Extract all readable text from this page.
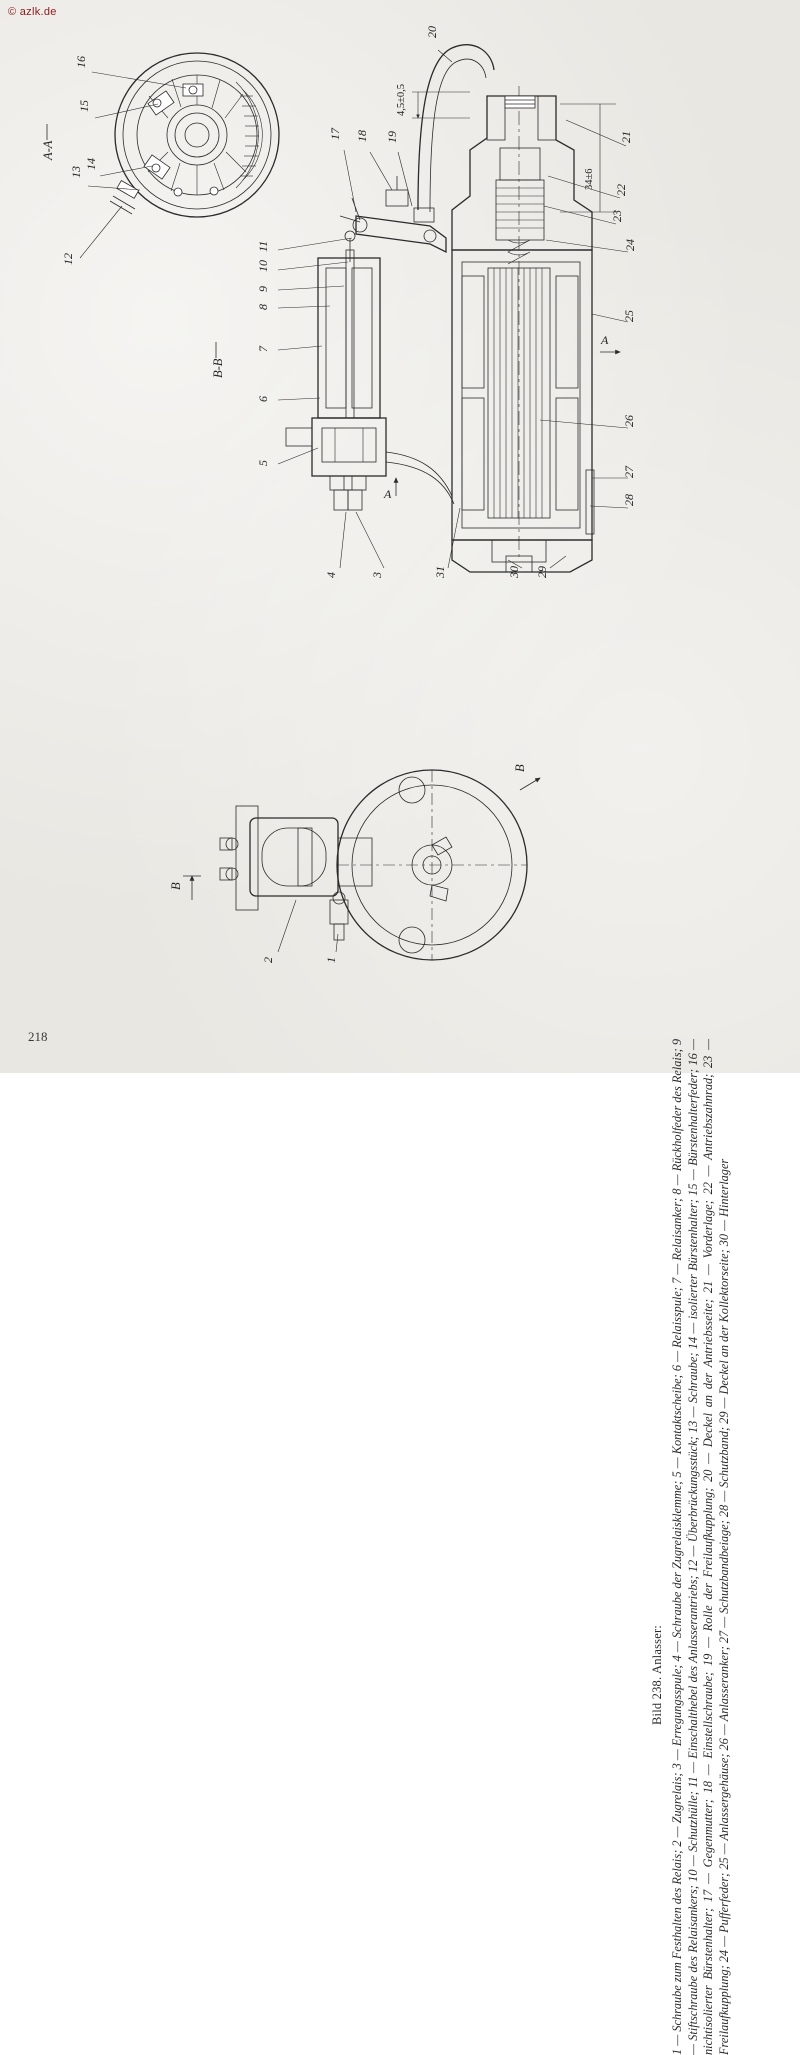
© azlk.de
A-A
B-B
A
A
4,5±0,5
34±6
B
B
1
2
3
4
5
6
7
8
9
10
11
12
13
14
15
16
17 18 19
20
21
22
23
24
25
26
27
28
29
30
31

Bild 238. Anlasser: 1 — Schraube zum Festhalten des Relais; 2 — Zugrelais; 3 — Erregungsspule; 4 — Schraube der Zugrelaisklemme; 5 — Kontaktscheibe; 6 — Relaisspule; 7 — Relaisanker; 8 — Rückholfeder des Relais; 9 — Stiftschraube des Relaisankers; 10 — Schutzhülle; 11 — Einschalthebel des Anlasserantriebs; 12 — Überbrückungsstück; 13 — Schraube; 14 — isolierter Bürstenhalter; 15 — Bürstenhalterfeder; 16 — nichtisolierter Bürstenhalter; 17 — Gegenmutter; 18 — Einstellschraube; 19 — Rolle der Freilaufkupplung; 20 — Deckel an der Antriebsseite; 21 — Vorderlage; 22 — Antriebszahnrad; 23 — Freilaufkupplung; 24 — Pufferfeder; 25 — Anlassergehäuse; 26 — Anlasseranker; 27 — Schutzbandbeiage; 28 — Schutzband; 29 — Deckel an der Kollektorseite; 30 — Hinterlager

218
